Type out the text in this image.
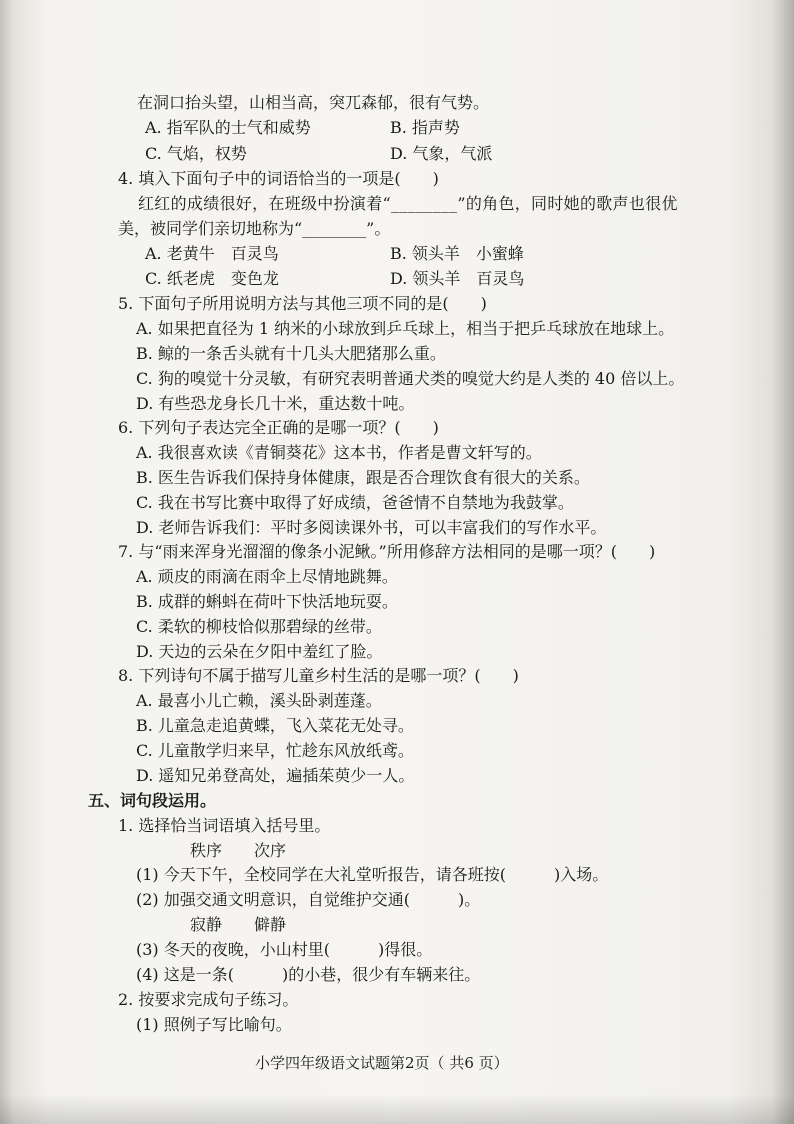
在洞口抬头望，山相当高，突兀森郁，很有气势。
A. 指军队的士气和威势	B. 指声势
C. 气焰，权势	D. 气象，气派
4. 填入下面句子中的词语恰当的一项是(　　)
红红的成绩很好，在班级中扮演着“________”的角色，同时她的歌声也很优
美，被同学们亲切地称为“________”。
A. 老黄牛　百灵鸟	B. 领头羊　小蜜蜂
C. 纸老虎　变色龙	D. 领头羊　百灵鸟
5. 下面句子所用说明方法与其他三项不同的是(　　)
A. 如果把直径为 1 纳米的小球放到乒乓球上，相当于把乒乓球放在地球上。
B. 鲸的一条舌头就有十几头大肥猪那么重。
C. 狗的嗅觉十分灵敏，有研究表明普通犬类的嗅觉大约是人类的 40 倍以上。
D. 有些恐龙身长几十米，重达数十吨。
6. 下列句子表达完全正确的是哪一项？(　　)
A. 我很喜欢读《青铜葵花》这本书，作者是曹文轩写的。
B. 医生告诉我们保持身体健康，跟是否合理饮食有很大的关系。
C. 我在书写比赛中取得了好成绩，爸爸情不自禁地为我鼓掌。
D. 老师告诉我们：平时多阅读课外书，可以丰富我们的写作水平。
7. 与“雨来浑身光溜溜的像条小泥鳅。”所用修辞方法相同的是哪一项？(　　)
A. 顽皮的雨滴在雨伞上尽情地跳舞。
B. 成群的蝌蚪在荷叶下快活地玩耍。
C. 柔软的柳枝恰似那碧绿的丝带。
D. 天边的云朵在夕阳中羞红了脸。
8. 下列诗句不属于描写儿童乡村生活的是哪一项？(　　)
A. 最喜小儿亡赖，溪头卧剥莲蓬。
B. 儿童急走追黄蝶，飞入菜花无处寻。
C. 儿童散学归来早，忙趁东风放纸鸢。
D. 遥知兄弟登高处，遍插茱萸少一人。
五、词句段运用。
1. 选择恰当词语填入括号里。
秩序　　次序
(1) 今天下午，全校同学在大礼堂听报告，请各班按(　　　)入场。
(2) 加强交通文明意识，自觉维护交通(　　　)。
寂静　　僻静
(3) 冬天的夜晚，小山村里(　　　)得很。
(4) 这是一条(　　　)的小巷，很少有车辆来往。
2. 按要求完成句子练习。
(1) 照例子写比喻句。
小学四年级语文试题第2页（ 共6 页）
